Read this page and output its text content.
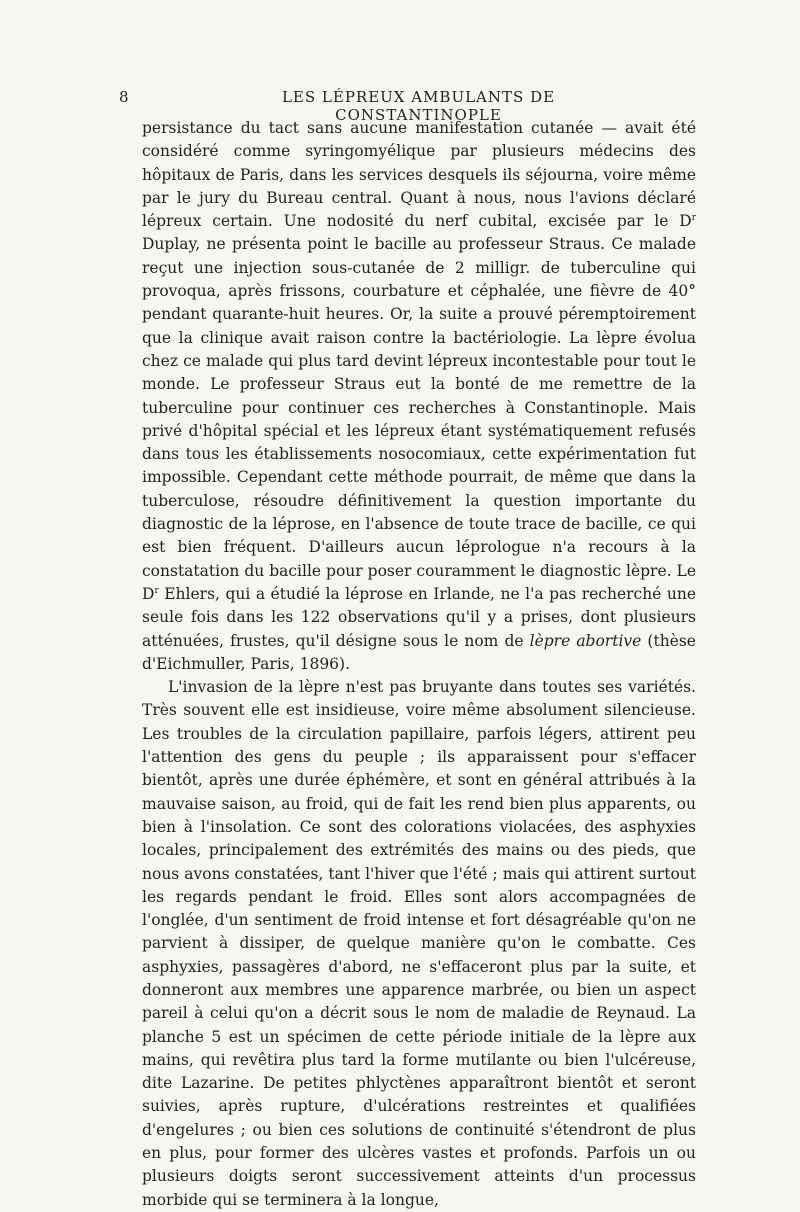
8	LES LÉPREUX AMBULANTS DE CONSTANTINOPLE

persistance du tact sans aucune manifestation cutanée — avait été considéré comme syringomyélique par plusieurs médecins des hôpitaux de Paris, dans les services desquels ils séjourna, voire même par le jury du Bureau central. Quant à nous, nous l'avions déclaré lépreux certain. Une nodosité du nerf cubital, excisée par le $D^r$ Duplay, ne présenta point le bacille au professeur Straus. Ce malade reçut une injection sous-cutanée de 2 milligr. de tuberculine qui provoqua, après frissons, courbature et céphalée, une fièvre de 40° pendant quarante-huit heures. Or, la suite a prouvé péremptoirement que la clinique avait raison contre la bactériologie. La lèpre évolua chez ce malade qui plus tard devint lépreux incontestable pour tout le monde. Le professeur Straus eut la bonté de me remettre de la tuberculine pour continuer ces recherches à Constantinople. Mais privé d'hôpital spécial et les lépreux étant systématiquement refusés dans tous les établissements nosocomiaux, cette expérimentation fut impossible. Cependant cette méthode pourrait, de même que dans la tuberculose, résoudre définitivement la question importante du diagnostic de la léprose, en l'absence de toute trace de bacille, ce qui est bien fréquent. D'ailleurs aucun léprologue n'a recours à la constatation du bacille pour poser couramment le diagnostic lèpre. Le $D^r$ Ehlers, qui a étudié la léprose en Irlande, ne l'a pas recherché une seule fois dans les 122 observations qu'il y a prises, dont plusieurs atténuées, frustes, qu'il désigne sous le nom de lèpre abortive (thèse d'Eichmuller, Paris, 1896).

L'invasion de la lèpre n'est pas bruyante dans toutes ses variétés. Très souvent elle est insidieuse, voire même absolument silencieuse. Les troubles de la circulation papillaire, parfois légers, attirent peu l'attention des gens du peuple ; ils apparaissent pour s'effacer bientôt, après une durée éphémère, et sont en général attribués à la mauvaise saison, au froid, qui de fait les rend bien plus apparents, ou bien à l'insolation. Ce sont des colorations violacées, des asphyxies locales, principalement des extrémités des mains ou des pieds, que nous avons constatées, tant l'hiver que l'été ; mais qui attirent surtout les regards pendant le froid. Elles sont alors accompagnées de l'onglée, d'un sentiment de froid intense et fort désagréable qu'on ne parvient à dissiper, de quelque manière qu'on le combatte. Ces asphyxies, passagères d'abord, ne s'effaceront plus par la suite, et donneront aux membres une apparence marbrée, ou bien un aspect pareil à celui qu'on a décrit sous le nom de maladie de Reynaud. La planche 5 est un spécimen de cette période initiale de la lèpre aux mains, qui revêtira plus tard la forme mutilante ou bien l'ulcéreuse, dite Lazarine. De petites phlyctènes apparaîtront bientôt et seront suivies, après rupture, d'ulcérations restreintes et qualifiées d'engelures ; ou bien ces solutions de continuité s'étendront de plus en plus, pour former des ulcères vastes et profonds. Parfois un ou plusieurs doigts seront successivement atteints d'un processus morbide qui se terminera à la longue,
